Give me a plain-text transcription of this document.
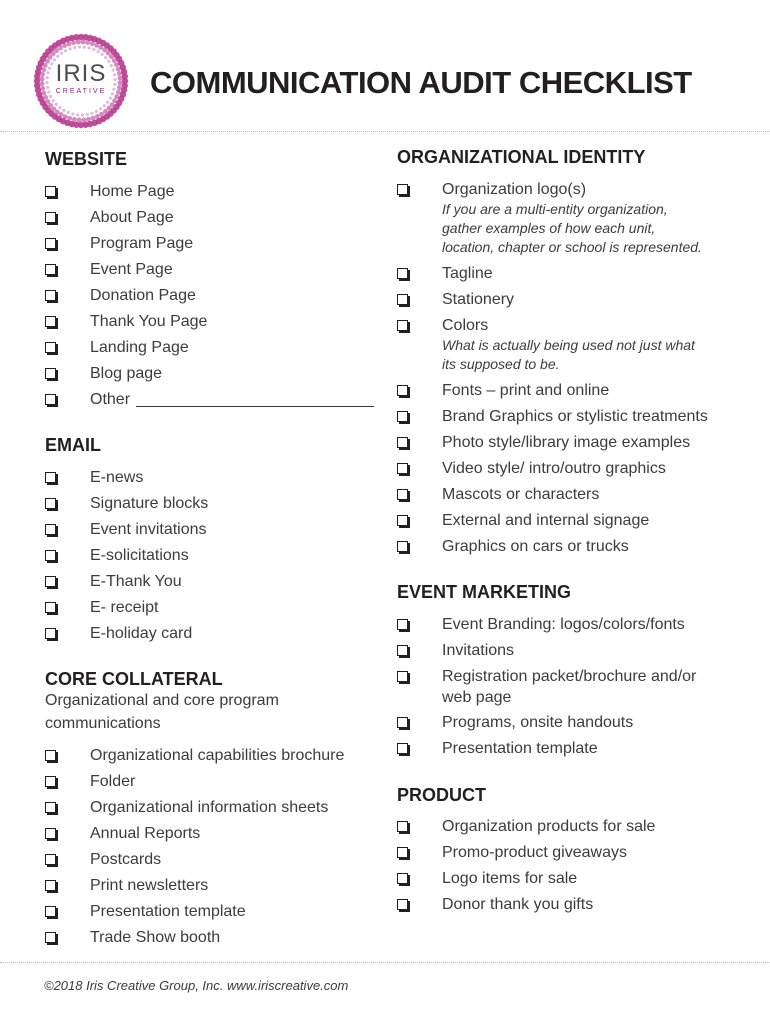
IRIS
CREATIVE	COMMUNICATION AUDIT CHECKLIST
WEBSITE
Home Page
About Page
Program Page
Event Page
Donation Page
Thank You Page
Landing Page
Blog page
Other
EMAIL
E-news
Signature blocks
Event invitations
E-solicitations
E-Thank You
E- receipt
E-holiday card
CORE COLLATERAL
Organizational and core program
communications
Organizational capabilities brochure
Folder
Organizational information sheets
Annual Reports
Postcards
Print newsletters
Presentation template
Trade Show booth
ORGANIZATIONAL IDENTITY
Organization logo(s)
If you are a multi-entity organization,
gather examples of how each unit,
location, chapter or school is represented.
Tagline
Stationery
Colors
What is actually being used not just what
its supposed to be.
Fonts – print and online
Brand Graphics or stylistic treatments
Photo style/library image examples
Video style/ intro/outro graphics
Mascots or characters
External and internal signage
Graphics on cars or trucks
EVENT MARKETING
Event Branding: logos/colors/fonts
Invitations
Registration packet/brochure and/or
web page
Programs, onsite handouts
Presentation template
PRODUCT
Organization products for sale
Promo-product giveaways
Logo items for sale
Donor thank you gifts
©2018 Iris Creative Group, Inc. www.iriscreative.com
